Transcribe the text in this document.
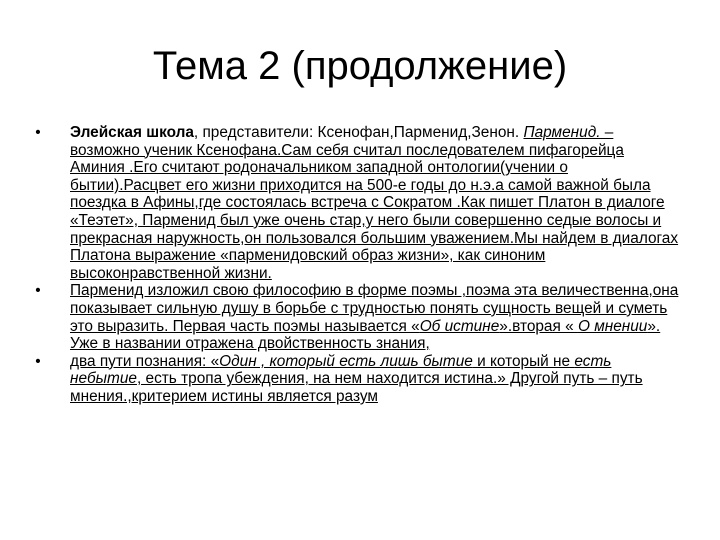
Тема 2 (продолжение)
•	Элейская школа, представители: Ксенофан,Парменид,Зенон. Парменид. – возможно ученик Ксенофана.Сам себя считал последователем пифагорейца Аминия .Его считают родоначальником западной онтологии(учении о бытии).Расцвет его жизни приходится на 500-е годы до н.э.а самой важной была поездка в Афины,где состоялась встреча с Сократом .Как пишет Платон в диалоге «Теэтет», Парменид был уже очень стар,у него были совершенно седые волосы и прекрасная наружность,он пользовался большим уважением.Мы найдем в диалогах Платона выражение «парменидовский образ жизни», как синоним высоконравственной жизни.
•	Парменид изложил свою философию в форме поэмы ,поэма эта величественна,она показывает сильную душу в борьбе с трудностью понять сущность вещей и суметь это выразить. Первая часть поэмы называется «Об истине».вторая « О мнении». Уже в названии отражена двойственность знания,
•	два пути познания: «Один , который есть лишь бытие и который не есть небытие, есть тропа убеждения, на нем находится истина.» Другой путь – путь мнения.,критерием истины является разум
